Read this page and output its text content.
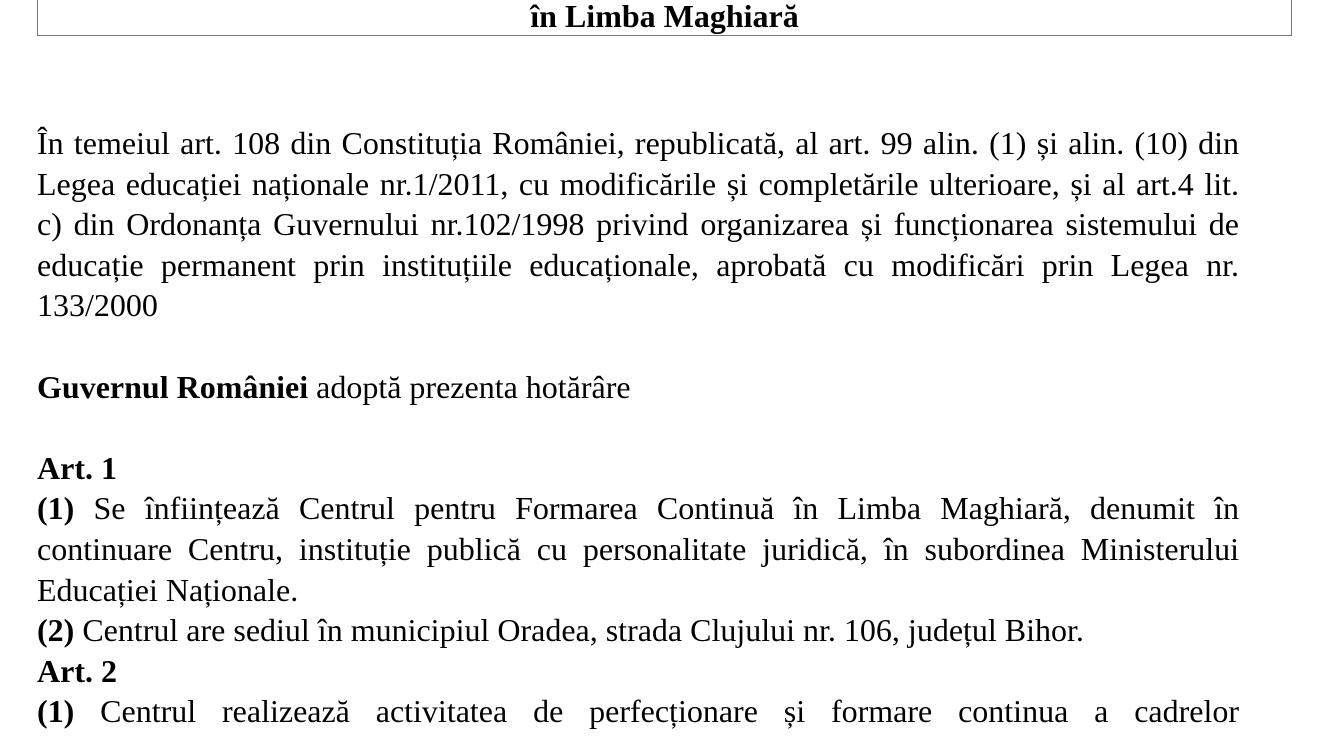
în Limba Maghiară

În temeiul art. 108 din Constituția României, republicată, al art. 99 alin. (1) și alin. (10) din Legea educației naționale nr.1/2011, cu modificările și completările ulterioare, și al art.4 lit. c) din Ordonanța Guvernului nr.102/1998 privind organizarea și funcționarea sistemului de educație permanent prin instituțiile educaționale, aprobată cu modificări prin Legea nr. 133/2000

Guvernul României adoptă prezenta hotărâre

Art. 1

(1) Se înființează Centrul pentru Formarea Continuă în Limba Maghiară, denumit în continuare Centru, instituție publică cu personalitate juridică, în subordinea Ministerului Educației Naționale.

(2) Centrul are sediul în municipiul Oradea, strada Clujului nr. 106, județul Bihor.

Art. 2

(1) Centrul realizează activitatea de perfecționare și formare continua a cadrelor
